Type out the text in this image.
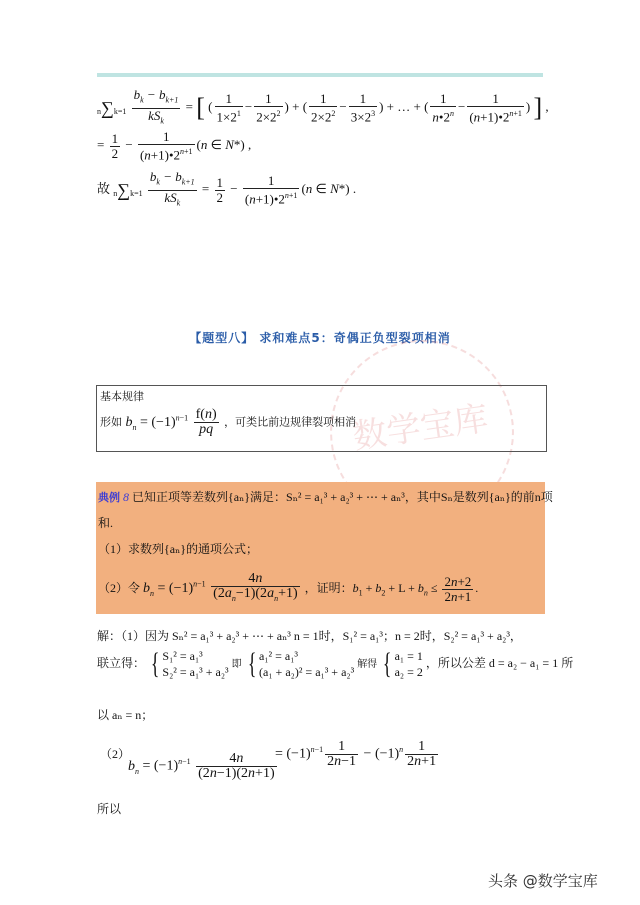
$n\sum k=1 \frac{b_k - b_{k+1}}{kS_k}$ = [ ( $\frac{1}{1\times 2^1} - \frac{1}{2\times 2^2}$ ) + ( $\frac{1}{2\times 2^2} - \frac{1}{3\times 2^3}$ ) + … + ( $\frac{1}{n•2^n} - \frac{1}{(n+1)•2^{n+1}}$ ) ] ,
= $\frac{1}{2} - \frac{1}{(n+1)•2^{n+1}} (n$ ∈ N*) ,
故 $n\sum k=1 \frac{b_k - b_{k+1}}{kS_k} = \frac{1}{2} - \frac{1}{(n+1)•2^{n+1}} (n$ ∈ N*) .
【题型八】 求和难点5：奇偶正负型裂项相消
数学宝库
基本规律
形如 $b_n = (-1)^{n-1} \frac{f(n)}{pq}$ ，可类比前边规律裂项相消
典例 8 已知正项等差数列{aₙ}满足：Sₙ² = a₁³ + a₂³ + ⋯ + aₙ³，其中Sₙ是数列{aₙ}的前n项
和.
（1）求数列{aₙ}的通项公式；
（2）令 $b_n = (-1)^{n-1} \frac{4n}{(2a_n-1)(2a_n+1)}$ ，证明：$b_1 + b_2 + L + b_n \le \frac{2n+2}{2n+1}$ .
解：（1）因为 Sₙ² = a₁³ + a₂³ + ⋯ + aₙ³ n = 1时，S₁² = a₁³；n = 2时，S₂² = a₁³ + a₂³，
联立得： { S₁² = a₁³
S₂² = a₁³ + a₂³ 即 { a₁² = a₁³
(a₁ + a₂)² = a₁³ + a₂³ 解得 { a₁ = 1
a₂ = 2 ，所以公差 d = a₂ − a₁ = 1 所
以 aₙ = n；
（2）
$b_n = (-1)^{n-1} \frac{4n}{(2n-1)(2n+1)}$
= $(-1)^{n-1} \frac{1}{2n-1} - (-1)^n \frac{1}{2n+1}$
所以
头条 @数学宝库
